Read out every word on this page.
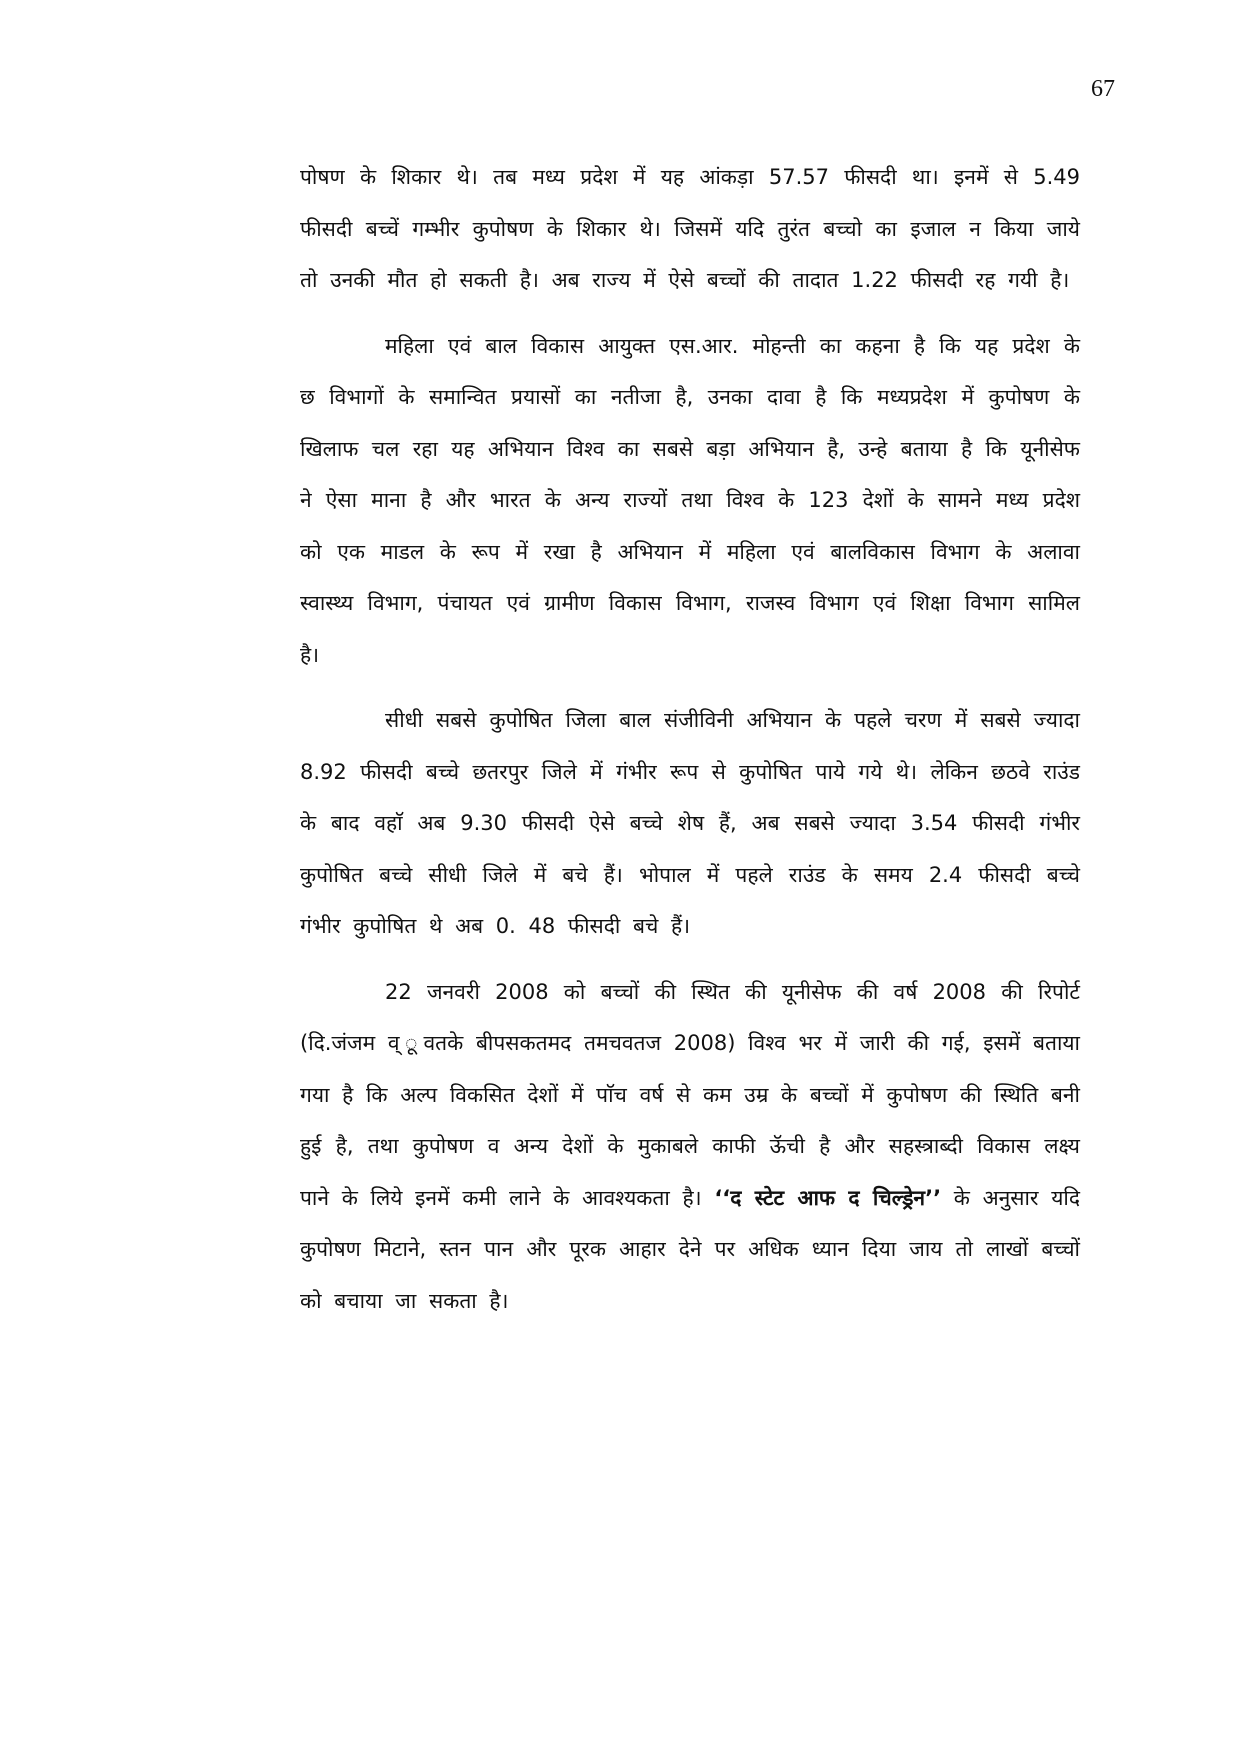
67

पोषण के शिकार थे। तब मध्य प्रदेश में यह आंकड़ा 57.57 फीसदी था। इनमें से 5.49 फीसदी बच्चें गम्भीर कुपोषण के शिकार थे। जिसमें यदि तुरंत बच्चो का इजाल न किया जाये तो उनकी मौत हो सकती है। अब राज्य में ऐसे बच्चों की तादात 1.22 फीसदी रह गयी है।

महिला एवं बाल विकास आयुक्त एस.आर. मोहन्ती का कहना है कि यह प्रदेश के छ विभागों के समान्वित प्रयासों का नतीजा है, उनका दावा है कि मध्यप्रदेश में कुपोषण के खिलाफ चल रहा यह अभियान विश्व का सबसे बड़ा अभियान है, उन्हे बताया है कि यूनीसेफ ने ऐसा माना है और भारत के अन्य राज्यों तथा विश्व के 123 देशों के सामने मध्य प्रदेश को एक माडल के रूप में रखा है अभियान में महिला एवं बालविकास विभाग के अलावा स्वास्थ्य विभाग, पंचायत एवं ग्रामीण विकास विभाग, राजस्व विभाग एवं शिक्षा विभाग सामिल है।

सीधी सबसे कुपोषित जिला बाल संजीविनी अभियान के पहले चरण में सबसे ज्यादा 8.92 फीसदी बच्चे छतरपुर जिले में गंभीर रूप से कुपोषित पाये गये थे। लेकिन छठवे राउंड के बाद वहाॅ अब 9.30 फीसदी ऐसे बच्चे शेष हैं, अब सबसे ज्यादा 3.54 फीसदी गंभीर कुपोषित बच्चे सीधी जिले में बचे हैं। भोपाल में पहले राउंड के समय 2.4 फीसदी बच्चे गंभीर कुपोषित थे अब 0. 48 फीसदी बचे हैं।

22 जनवरी 2008 को बच्चों की स्थित की यूनीसेफ की वर्ष 2008 की रिपोर्ट (दि.जंजम व् ूवतके बीपसकतमद तमचवतज 2008) विश्व भर में जारी की गई, इसमें बताया गया है कि अल्प विकसित देशों में पाॅच वर्ष से कम उम्र के बच्चों में कुपोषण की स्थिति बनी हुई है, तथा कुपोषण व अन्य देशों के मुकाबले काफी ऊॅची है और सहस्त्राब्दी विकास लक्ष्य पाने के लिये इनमें कमी लाने के आवश्यकता है। ‘‘द स्टेट आफ द चिल्ड्रेन’’ के अनुसार यदि कुपोषण मिटाने, स्तन पान और पूरक आहार देने पर अधिक ध्यान दिया जाय तो लाखों बच्चों को बचाया जा सकता है।
